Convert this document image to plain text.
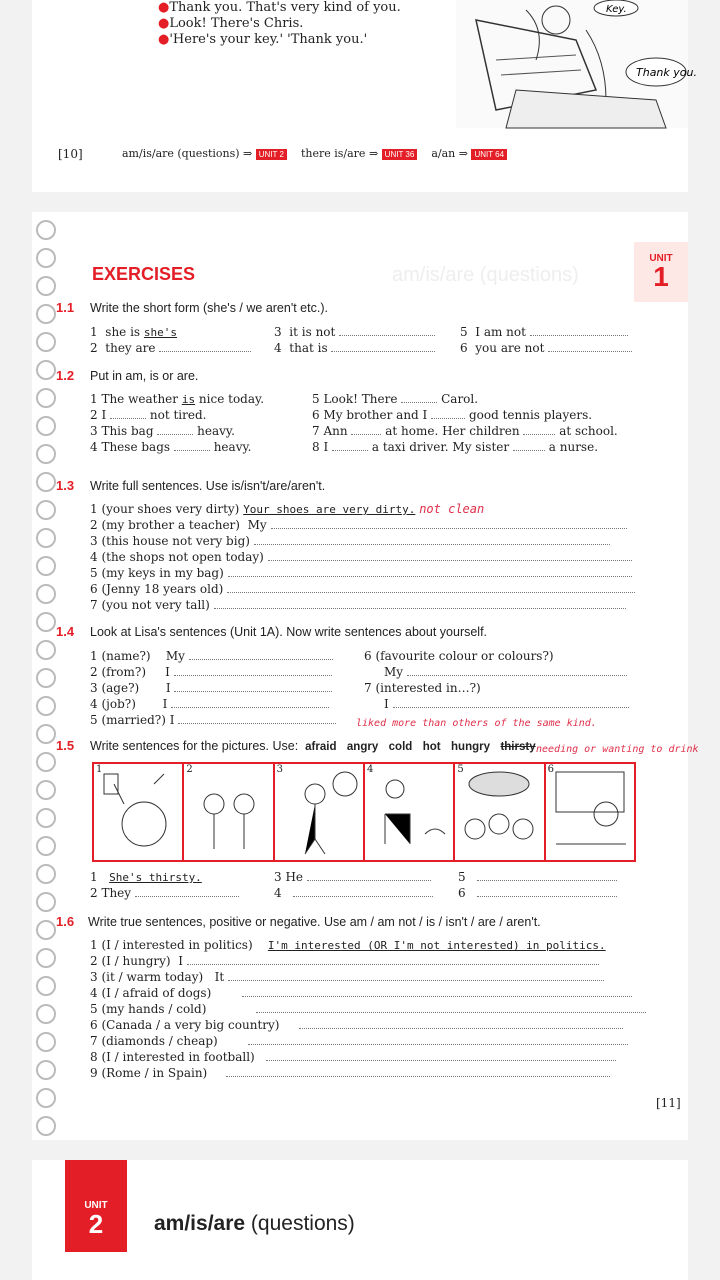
●Thank you. That's very kind of you.
●Look! There's Chris.
●'Here's your key.' 'Thank you.'
Key.
Thank you.
[10]	am/is/are (questions) ⇒ UNIT 2 there is/are ⇒ UNIT 36 a/an ⇒ UNIT 64
am/is/are (questions)
EXERCISES
UNIT
1
1.1 Write the short form (she's / we aren't etc.).
1 she is she's
2 they are
3 it is not
4 that is
5 I am not
6 you are not
1.2 Put in am, is or are.
1 The weather is nice today.
2 I	not tired.
3 This bag	heavy.
4 These bags	heavy.
5 Look! There	Carol.
6 My brother and I	good tennis players.
7 Ann	at home. Her children	at school.
8 I	a taxi driver. My sister	a nurse.
1.3 Write full sentences. Use is/isn't/are/aren't.
1 (your shoes very dirty) Your shoes are very dirty. not clean
2 (my brother a teacher) My
3 (this house not very big)
4 (the shops not open today)
5 (my keys in my bag)
6 (Jenny 18 years old)
7 (you not very tall)
1.4 Look at Lisa's sentences (Unit 1A). Now write sentences about yourself.
1 (name?) My
2 (from?) I
3 (age?) I
4 (job?) I
5 (married?) I
6 (favourite colour or colours?)
My
7 (interested in…?)
I
liked more than others of the same kind.
1.5 Write sentences for the pictures. Use: afraid angry cold hot hungry thirsty needing or wanting to drink
1	2	3	4	5	6
1 She's thirsty.
2 They
3 He
4
5
6
1.6 Write true sentences, positive or negative. Use am / am not / is / isn't / are / aren't.
1 (I / interested in politics) I'm interested (OR I'm not interested) in politics.
2 (I / hungry) I
3 (it / warm today) It
4 (I / afraid of dogs)
5 (my hands / cold)
6 (Canada / a very big country)
7 (diamonds / cheap)
8 (I / interested in football)
9 (Rome / in Spain)
[11]
UNIT
2	am/is/are (questions)
